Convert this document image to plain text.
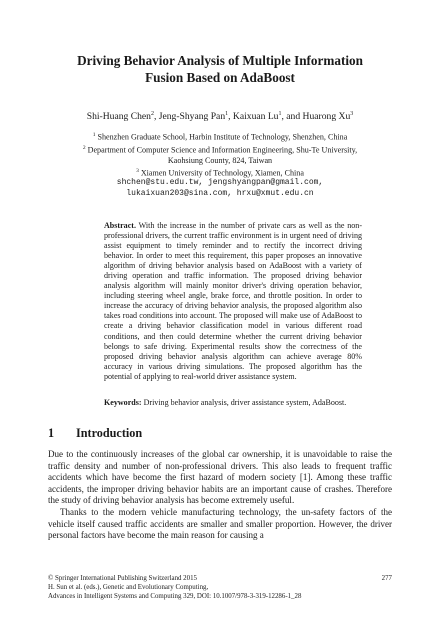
Driving Behavior Analysis of Multiple Information
Fusion Based on AdaBoost
Shi-Huang Chen$^2$, Jeng-Shyang Pan$^1$, Kaixuan Lu$^1$, and Huarong Xu$^3$
$^1$ Shenzhen Graduate School, Harbin Institute of Technology, Shenzhen, China
$^2$ Department of Computer Science and Information Engineering, Shu-Te University,
Kaohsiung County, 824, Taiwan
$^3$ Xiamen University of Technology, Xiamen, China
shchen@stu.edu.tw, jengshyangpan@gmail.com,
lukaixuan203@sina.com, hrxu@xmut.edu.cn
Abstract. With the increase in the number of private cars as well as the non-professional drivers, the current traffic environment is in urgent need of driving assist equipment to timely reminder and to rectify the incorrect driving behavior. In order to meet this requirement, this paper proposes an innovative algorithm of driving behavior analysis based on AdaBoost with a variety of driving operation and traffic information. The proposed driving behavior analysis algorithm will mainly monitor driver's driving operation behavior, including steering wheel angle, brake force, and throttle position. In order to increase the accuracy of driving behavior analysis, the proposed algorithm also takes road conditions into account. The proposed will make use of AdaBoost to create a driving behavior classification model in various different road conditions, and then could determine whether the current driving behavior belongs to safe driving. Experimental results show the correctness of the proposed driving behavior analysis algorithm can achieve average 80% accuracy in various driving simulations. The proposed algorithm has the potential of applying to real-world driver assistance system.
Keywords: Driving behavior analysis, driver assistance system, AdaBoost.
1 Introduction

Due to the continuously increases of the global car ownership, it is unavoidable to raise the traffic density and number of non-professional drivers. This also leads to frequent traffic accidents which have become the first hazard of modern society [1]. Among these traffic accidents, the improper driving behavior habits are an important cause of crashes. Therefore the study of driving behavior analysis has become extremely useful.

Thanks to the modern vehicle manufacturing technology, the un-safety factors of the vehicle itself caused traffic accidents are smaller and smaller proportion. However, the driver personal factors have become the main reason for causing a

© Springer International Publishing Switzerland 2015
H. Sun et al. (eds.), Genetic and Evolutionary Computing,
Advances in Intelligent Systems and Computing 329, DOI: 10.1007/978-3-319-12286-1_28
277
